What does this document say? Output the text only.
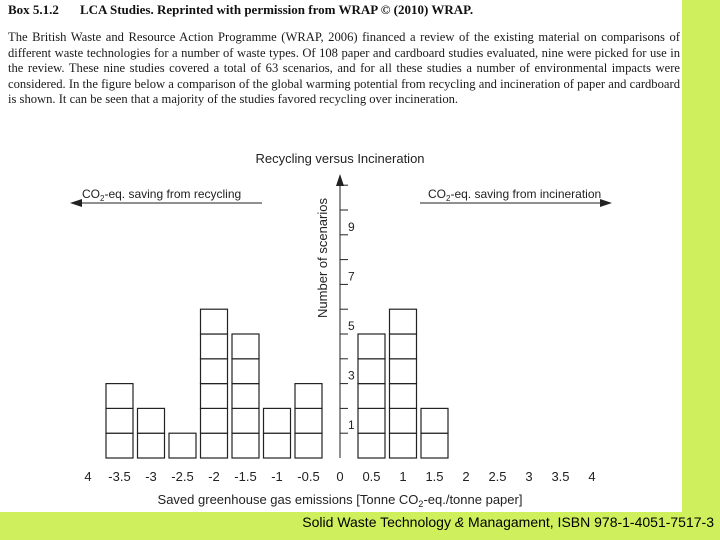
Box 5.1.2 LCA Studies. Reprinted with permission from WRAP © (2010) WRAP.
The British Waste and Resource Action Programme (WRAP, 2006) financed a review of the existing material on comparisons of different waste technologies for a number of waste types. Of 108 paper and cardboard studies evaluated, nine were picked for use in the review. These nine studies covered a total of 63 scenarios, and for all these studies a number of environmental impacts were considered. In the figure below a comparison of the global warming potential from recycling and incineration of paper and cardboard is shown. It can be seen that a majority of the studies favored recycling over incineration.
Recycling versus Incineration
$CO_2-eq$. saving from recycling	$CO_2-eq$. saving from incineration
Number of scenarios
1
3
5
7
9
4 -3.5 -3 -2.5 -2 -1.5 -1 -0.5 0 0.5 1 1.5 2 2.5 3 3.5 4
Saved greenhouse gas emissions [Tonne $CO_2-eq$./tonne paper]
Solid Waste Technology & Managament, ISBN 978-1-4051-7517-3
